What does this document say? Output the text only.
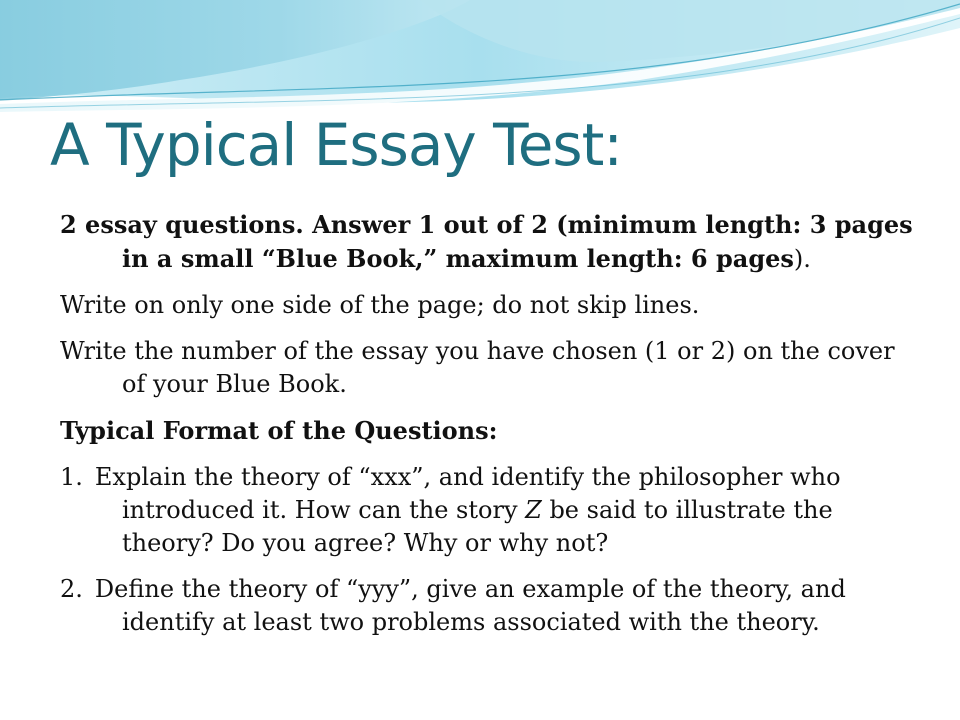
A Typical Essay Test:

2 essay questions. Answer 1 out of 2 (minimum length: 3 pages in a small “Blue Book,” maximum length: 6 pages).

Write on only one side of the page; do not skip lines.

Write the number of the essay you have chosen (1 or 2) on the cover of your Blue Book.

Typical Format of the Questions:

1. Explain the theory of “xxx”, and identify the philosopher who introduced it. How can the story Z be said to illustrate the theory? Do you agree? Why or why not?

2. Define the theory of “yyy”, give an example of the theory, and identify at least two problems associated with the theory.
